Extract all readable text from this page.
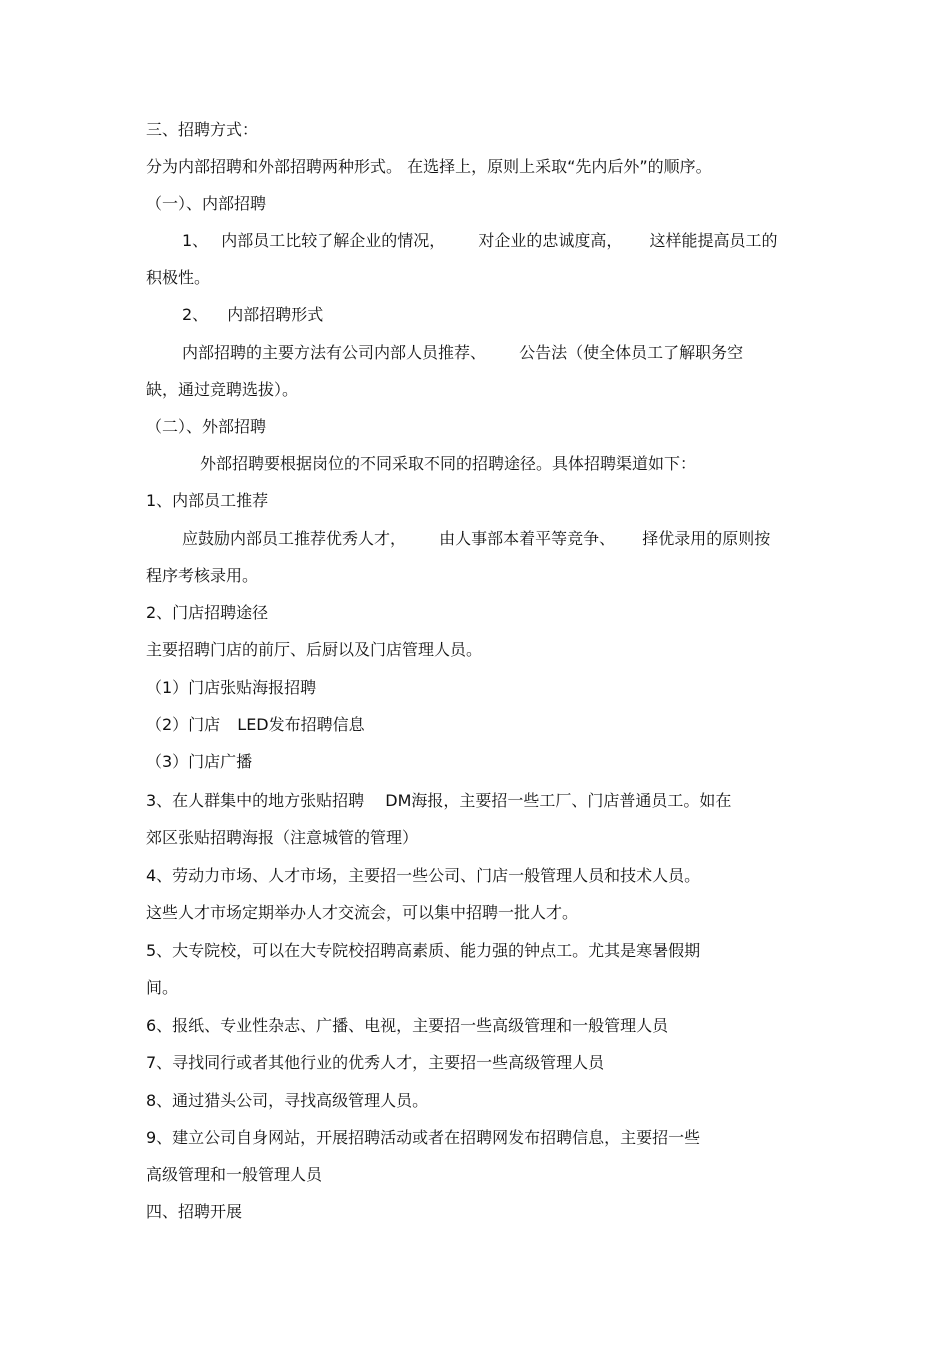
三、招聘方式：
分为内部招聘和外部招聘两种形式。 在选择上，原则上采取“先内后外”的顺序。
（一）、内部招聘
1、 内部员工比较了解企业的情况， 对企业的忠诚度高， 这样能提高员工的
积极性。
2、 内部招聘形式
内部招聘的主要方法有公司内部人员推荐、 公告法（使全体员工了解职务空
缺，通过竞聘选拔）。
（二）、外部招聘
外部招聘要根据岗位的不同采取不同的招聘途径。具体招聘渠道如下：
1、内部员工推荐
应鼓励内部员工推荐优秀人才， 由人事部本着平等竞争、 择优录用的原则按
程序考核录用。
2、门店招聘途径
主要招聘门店的前厅、后厨以及门店管理人员。
（1）门店张贴海报招聘
（2）门店 LED发布招聘信息
（3）门店广播
3、在人群集中的地方张贴招聘 DM海报，主要招一些工厂、门店普通员工。如在
郊区张贴招聘海报（注意城管的管理）
4、劳动力市场、人才市场，主要招一些公司、门店一般管理人员和技术人员。
这些人才市场定期举办人才交流会，可以集中招聘一批人才。
5、大专院校，可以在大专院校招聘高素质、能力强的钟点工。尤其是寒暑假期
间。
6、报纸、专业性杂志、广播、电视，主要招一些高级管理和一般管理人员
7、寻找同行或者其他行业的优秀人才，主要招一些高级管理人员
8、通过猎头公司，寻找高级管理人员。
9、建立公司自身网站，开展招聘活动或者在招聘网发布招聘信息，主要招一些
高级管理和一般管理人员
四、招聘开展
